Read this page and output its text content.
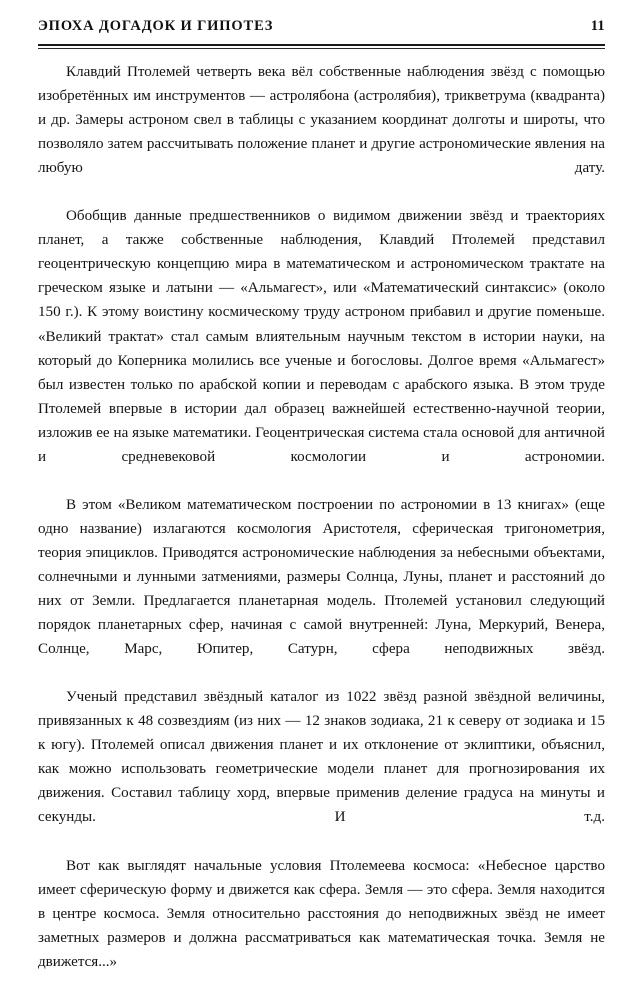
ЭПОХА ДОГАДОК И ГИПОТЕЗ	11

Клавдий Птолемей четверть века вёл собственные наблюдения звёзд с помощью изобретённых им инструментов — астролябона (астролябия), триквeтрума (квадранта) и др. Замеры астроном свел в таблицы с указанием координат долготы и широты, что позволяло затем рассчитывать положение планет и другие астрономические явления на любую дату.

Обобщив данные предшественников о видимом движении звёзд и траекториях планет, а также собственные наблюдения, Клавдий Птолемей представил геоцентрическую концепцию мира в математическом и астрономическом трактате на греческом языке и латыни — «Альмагест», или «Математический синтаксис» (около 150 г.). К этому воистину космическому труду астроном прибавил и другие поменьше. «Великий трактат» стал самым влиятельным научным текстом в истории науки, на который до Коперника молились все ученые и богословы. Долгое время «Альмагест» был известен только по арабской копии и переводам с арабского языка. В этом труде Птолемей впервые в истории дал образец важнейшей естественно-научной теории, изложив ее на языке математики. Геоцентрическая система стала основой для античной и средневековой космологии и астрономии.

В этом «Великом математическом построении по астрономии в 13 книгах» (еще одно название) излагаются космология Аристотеля, сферическая тригонометрия, теория эпициклов. Приводятся астрономические наблюдения за небесными объектами, солнечными и лунными затмениями, размеры Солнца, Луны, планет и расстояний до них от Земли. Предлагается планетарная модель. Птолемей установил следующий порядок планетарных сфер, начиная с самой внутренней: Луна, Меркурий, Венера, Солнце, Марс, Юпитер, Сатурн, сфера неподвижных звёзд.

Ученый представил звёздный каталог из 1022 звёзд разной звёздной величины, привязанных к 48 созвездиям (из них — 12 знаков зодиака, 21 к северу от зодиака и 15 к югу). Птолемей описал движения планет и их отклонение от эклиптики, объяснил, как можно использовать геометрические модели планет для прогнозирования их движения. Составил таблицу хорд, впервые применив деление градуса на минуты и секунды. И т.д.

Вот как выглядят начальные условия Птолемеева космоса: «Небесное царство имеет сферическую форму и движется как сфера. Земля — это сфера. Земля находится в центре космоса. Земля относительно расстояния до неподвижных звёзд не имеет заметных размеров и должна рассматриваться как математическая точка. Земля не движется...»
